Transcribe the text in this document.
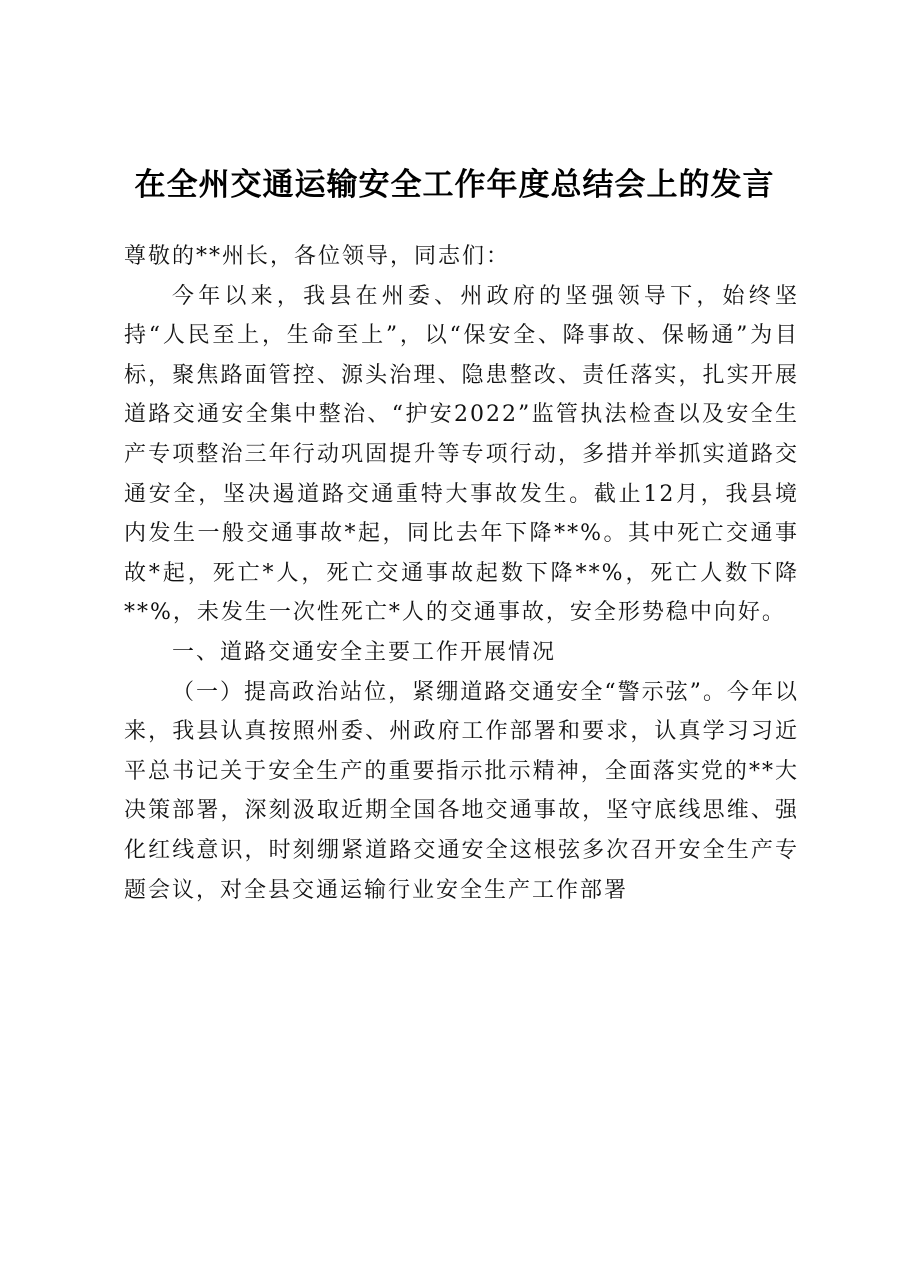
在全州交通运输安全工作年度总结会上的发言

尊敬的**州长，各位领导，同志们：

今年以来，我县在州委、州政府的坚强领导下，始终坚持“人民至上，生命至上”，以“保安全、降事故、保畅通”为目标，聚焦路面管控、源头治理、隐患整改、责任落实，扎实开展道路交通安全集中整治、“护安2022”监管执法检查以及安全生产专项整治三年行动巩固提升等专项行动，多措并举抓实道路交通安全，坚决遏道路交通重特大事故发生。截止12月，我县境内发生一般交通事故*起，同比去年下降**%。其中死亡交通事故*起，死亡*人，死亡交通事故起数下降**%，死亡人数下降**%，未发生一次性死亡*人的交通事故，安全形势稳中向好。

一、道路交通安全主要工作开展情况

（一）提高政治站位，紧绷道路交通安全“警示弦”。今年以来，我县认真按照州委、州政府工作部署和要求，认真学习习近平总书记关于安全生产的重要指示批示精神，全面落实党的**大决策部署，深刻汲取近期全国各地交通事故，坚守底线思维、强化红线意识，时刻绷紧道路交通安全这根弦多次召开安全生产专题会议，对全县交通运输行业安全生产工作部署
